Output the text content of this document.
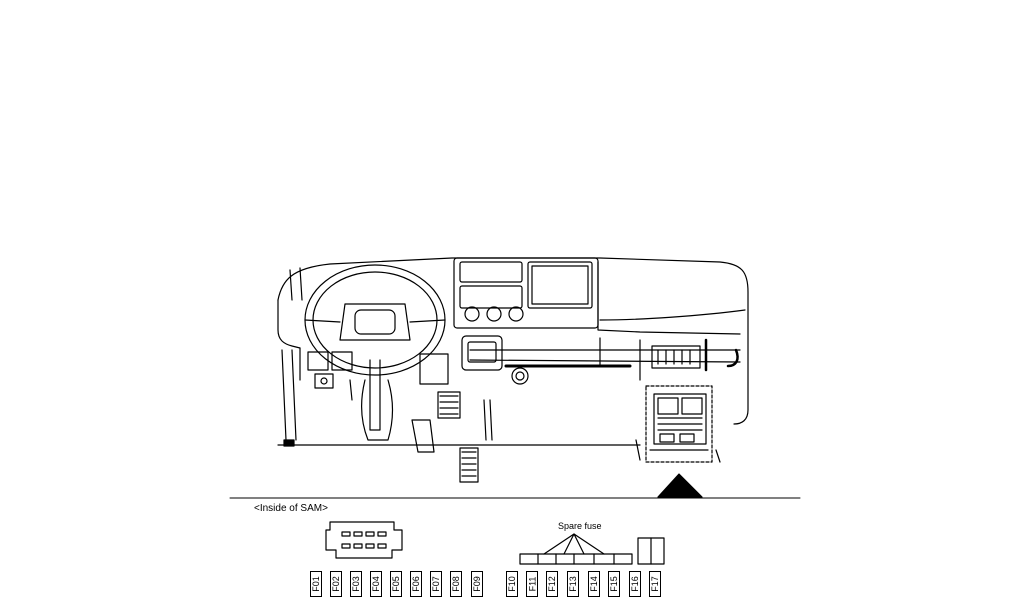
<Inside of SAM>
Spare fuse
F01 F02 F03 F04 F05 F06 F07 F08 F09	F10 F11 F12 F13 F14 F15 F16 F17
